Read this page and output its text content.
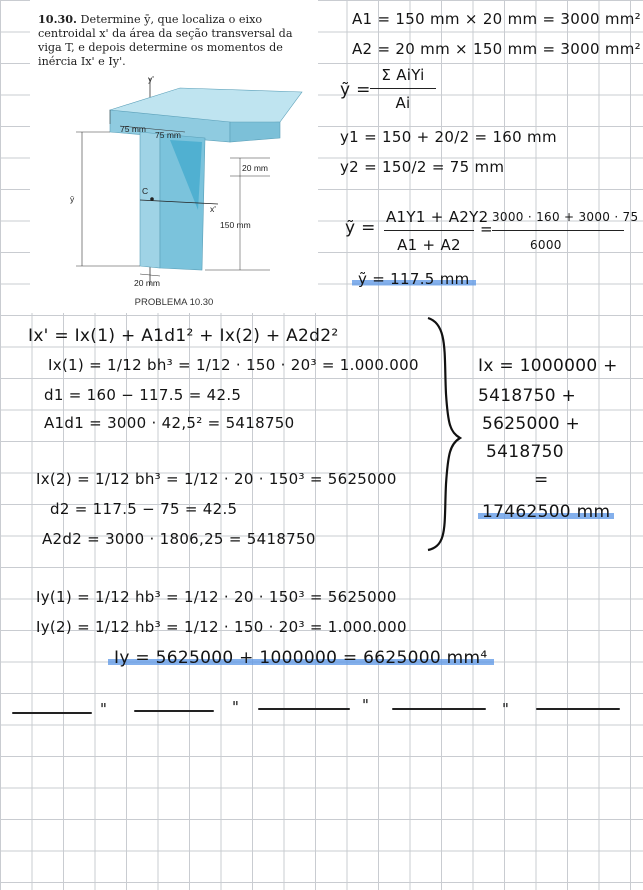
10.30. Determine ȳ, que localiza o eixo centroidal x' da área da seção transversal da viga T, e depois determine os momentos de inércia Ix' e Iy'.
y'
x'
75 mm
75 mm
20 mm
150 mm
20 mm
C
ȳ
PROBLEMA 10.30
A1 = 150 mm × 20 mm = 3000 mm²
A2 = 20 mm × 150 mm = 3000 mm²
ỹ =
Σ AiYi
Ai
y1 = 150 + 20/2 = 160 mm
y2 = 150/2 = 75 mm
ỹ =
A1Y1 + A2Y2
A1 + A2
=
3000 · 160 + 3000 · 75
6000
ỹ = 117.5 mm
Ix' = Ix(1) + A1d1² + Ix(2) + A2d2²
Ix(1) = 1/12 bh³ = 1/12 · 150 · 20³ = 1.000.000
d1 = 160 − 117.5 = 42.5
A1d1 = 3000 · 42,5² = 5418750
Ix(2) = 1/12 bh³ = 1/12 · 20 · 150³ = 5625000
d2 = 117.5 − 75 = 42.5
A2d2 = 3000 · 1806,25 = 5418750
Ix = 1000000 +
5418750 +
5625000 +
5418750
=
17462500 mm
Iy(1) = 1/12 hb³ = 1/12 · 20 · 150³ = 5625000
Iy(2) = 1/12 hb³ = 1/12 · 150 · 20³ = 1.000.000
Iy = 5625000 + 1000000 = 6625000 mm⁴
"	"	"	"
